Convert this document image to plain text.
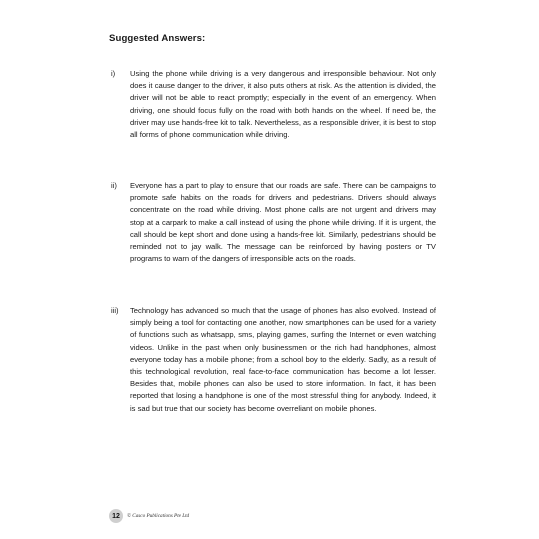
Suggested Answers:
i) Using the phone while driving is a very dangerous and irresponsible behaviour. Not only does it cause danger to the driver, it also puts others at risk. As the attention is divided, the driver will not be able to react promptly; especially in the event of an emergency. When driving, one should focus fully on the road with both hands on the wheel. If need be, the driver may use hands-free kit to talk. Nevertheless, as a responsible driver, it is best to stop all forms of phone communication while driving.
ii) Everyone has a part to play to ensure that our roads are safe. There can be campaigns to promote safe habits on the roads for drivers and pedestrians. Drivers should always concentrate on the road while driving. Most phone calls are not urgent and drivers may stop at a carpark to make a call instead of using the phone while driving. If it is urgent, the call should be kept short and done using a hands-free kit. Similarly, pedestrians should be reminded not to jay walk. The message can be reinforced by having posters or TV programs to warn of the dangers of irresponsible acts on the roads.
iii) Technology has advanced so much that the usage of phones has also evolved. Instead of simply being a tool for contacting one another, now smartphones can be used for a variety of functions such as whatsapp, sms, playing games, surfing the Internet or even watching videos. Unlike in the past when only businessmen or the rich had handphones, almost everyone today has a mobile phone; from a school boy to the elderly. Sadly, as a result of this technological revolution, real face-to-face communication has become a lot lesser. Besides that, mobile phones can also be used to store information. In fact, it has been reported that losing a handphone is one of the most stressful thing for anybody. Indeed, it is sad but true that our society has become overreliant on mobile phones.
12	© Casco Publications Pte Ltd
